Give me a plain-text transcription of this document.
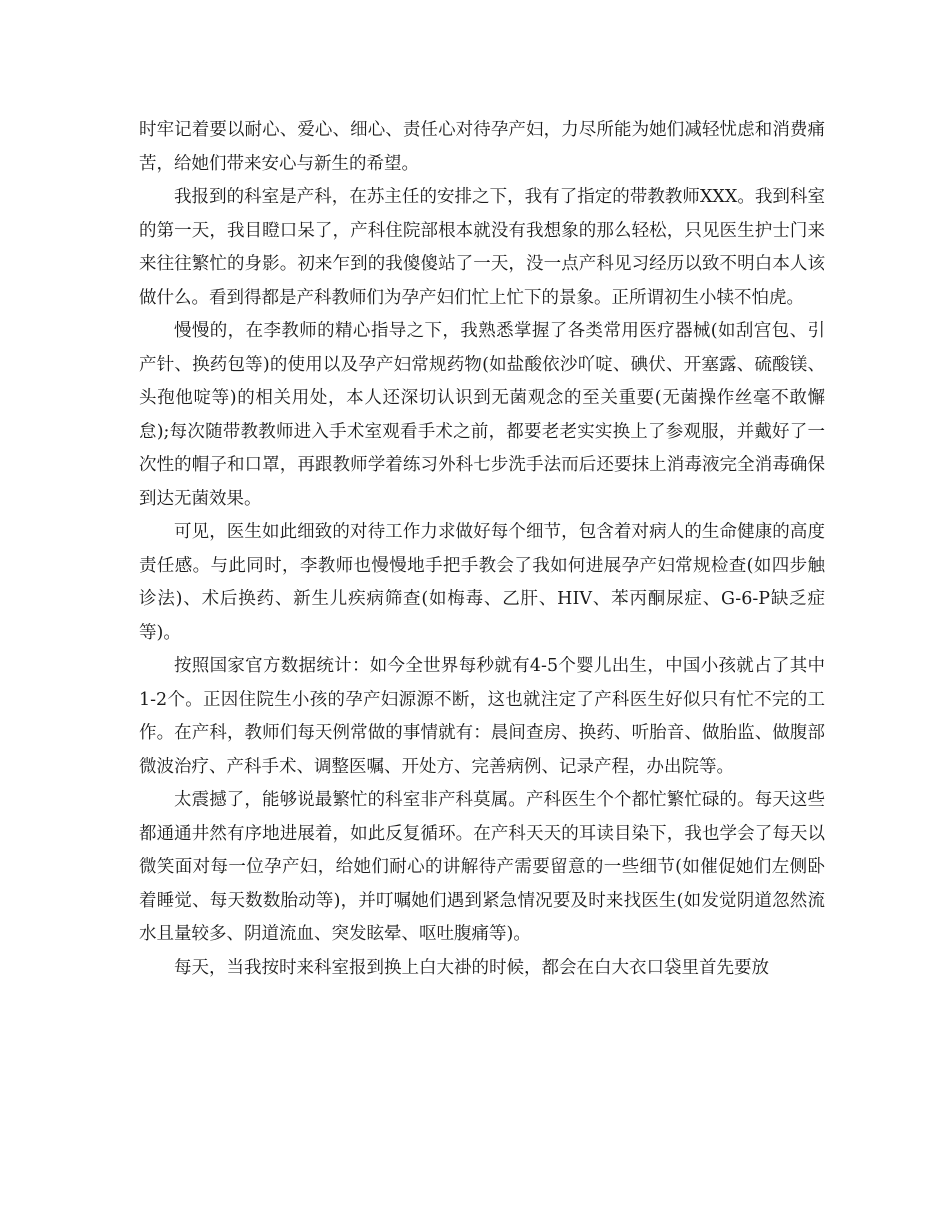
时牢记着要以耐心、爱心、细心、责任心对待孕产妇，力尽所能为她们减轻忧虑和消费痛苦，给她们带来安心与新生的希望。

我报到的科室是产科，在苏主任的安排之下，我有了指定的带教教师XXX。我到科室的第一天，我目瞪口呆了，产科住院部根本就没有我想象的那么轻松，只见医生护士门来来往往繁忙的身影。初来乍到的我傻傻站了一天，没一点产科见习经历以致不明白本人该做什么。看到得都是产科教师们为孕产妇们忙上忙下的景象。正所谓初生小犊不怕虎。

慢慢的，在李教师的精心指导之下，我熟悉掌握了各类常用医疗器械(如刮宫包、引产针、换药包等)的使用以及孕产妇常规药物(如盐酸依沙吖啶、碘伏、开塞露、硫酸镁、头孢他啶等)的相关用处，本人还深切认识到无菌观念的至关重要(无菌操作丝毫不敢懈怠);每次随带教教师进入手术室观看手术之前，都要老老实实换上了参观服，并戴好了一次性的帽子和口罩，再跟教师学着练习外科七步洗手法而后还要抹上消毒液完全消毒确保到达无菌效果。

可见，医生如此细致的对待工作力求做好每个细节，包含着对病人的生命健康的高度责任感。与此同时，李教师也慢慢地手把手教会了我如何进展孕产妇常规检查(如四步触诊法)、术后换药、新生儿疾病筛查(如梅毒、乙肝、HIV、苯丙酮尿症、G-6-P缺乏症等)。

按照国家官方数据统计：如今全世界每秒就有4-5个婴儿出生，中国小孩就占了其中1-2个。正因住院生小孩的孕产妇源源不断，这也就注定了产科医生好似只有忙不完的工作。在产科，教师们每天例常做的事情就有：晨间查房、换药、听胎音、做胎监、做腹部微波治疗、产科手术、调整医嘱、开处方、完善病例、记录产程，办出院等。

太震撼了，能够说最繁忙的科室非产科莫属。产科医生个个都忙繁忙碌的。每天这些都通通井然有序地进展着，如此反复循环。在产科天天的耳读目染下，我也学会了每天以微笑面对每一位孕产妇，给她们耐心的讲解待产需要留意的一些细节(如催促她们左侧卧着睡觉、每天数数胎动等)，并叮嘱她们遇到紧急情况要及时来找医生(如发觉阴道忽然流水且量较多、阴道流血、突发眩晕、呕吐腹痛等)。

每天，当我按时来科室报到换上白大褂的时候，都会在白大衣口袋里首先要放
